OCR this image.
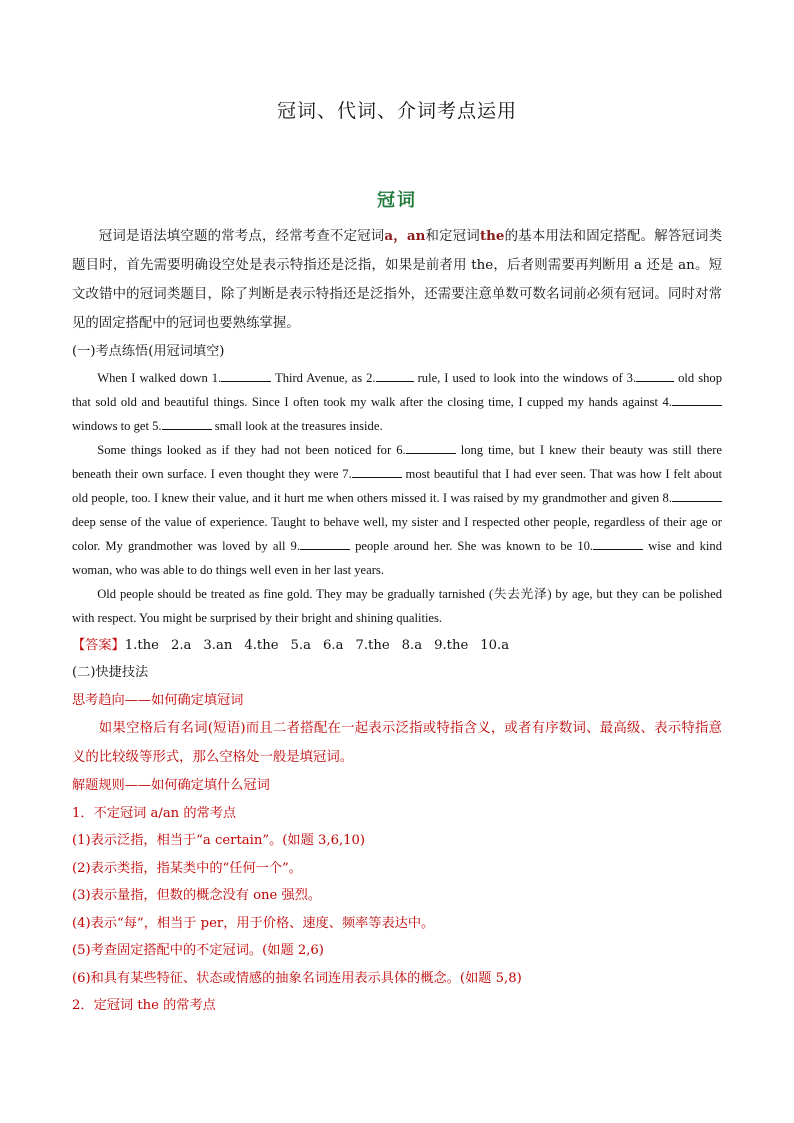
冠词、代词、介词考点运用
冠词

冠词是语法填空题的常考点，经常考查不定冠词a，an和定冠词the的基本用法和固定搭配。解答冠词类题目时，首先需要明确设空处是表示特指还是泛指，如果是前者用 the，后者则需要再判断用 a 还是 an。短文改错中的冠词类题目，除了判断是表示特指还是泛指外，还需要注意单数可数名词前必须有冠词。同时对常见的固定搭配中的冠词也要熟练掌握。

(一)考点练悟(用冠词填空)

When I walked down 1.	Third Avenue, as 2.	rule, I used to look into the windows of 3.	old shop that sold old and beautiful things. Since I often took my walk after the closing time, I cupped my hands against 4. windows to get 5.	small look at the treasures inside.

Some things looked as if they had not been noticed for 6.	long time, but I knew their beauty was still there beneath their own surface. I even thought they were 7.	most beautiful that I had ever seen. That was how I felt about old people, too. I knew their value, and it hurt me when others missed it. I was raised by my grandmother and given 8. deep sense of the value of experience. Taught to behave well, my sister and I respected other people, regardless of their age or color. My grandmother was loved by all 9.	people around her. She was known to be 10.	wise and kind woman, who was able to do things well even in her last years.

Old people should be treated as fine gold. They may be gradually tarnished (失去光泽) by age, but they can be polished with respect. You might be surprised by their bright and shining qualities.

【答案】1.the 2.a 3.an 4.the 5.a 6.a 7.the 8.a 9.the 10.a

(二)快捷技法

思考趋向——如何确定填冠词

如果空格后有名词(短语)而且二者搭配在一起表示泛指或特指含义，或者有序数词、最高级、表示特指意义的比较级等形式，那么空格处一般是填冠词。

解题规则——如何确定填什么冠词

1．不定冠词 a/an 的常考点

(1)表示泛指，相当于“a certain”。(如题 3,6,10)

(2)表示类指，指某类中的“任何一个”。

(3)表示量指，但数的概念没有 one 强烈。

(4)表示“每”，相当于 per，用于价格、速度、频率等表达中。

(5)考查固定搭配中的不定冠词。(如题 2,6)

(6)和具有某些特征、状态或情感的抽象名词连用表示具体的概念。(如题 5,8)

2．定冠词 the 的常考点
